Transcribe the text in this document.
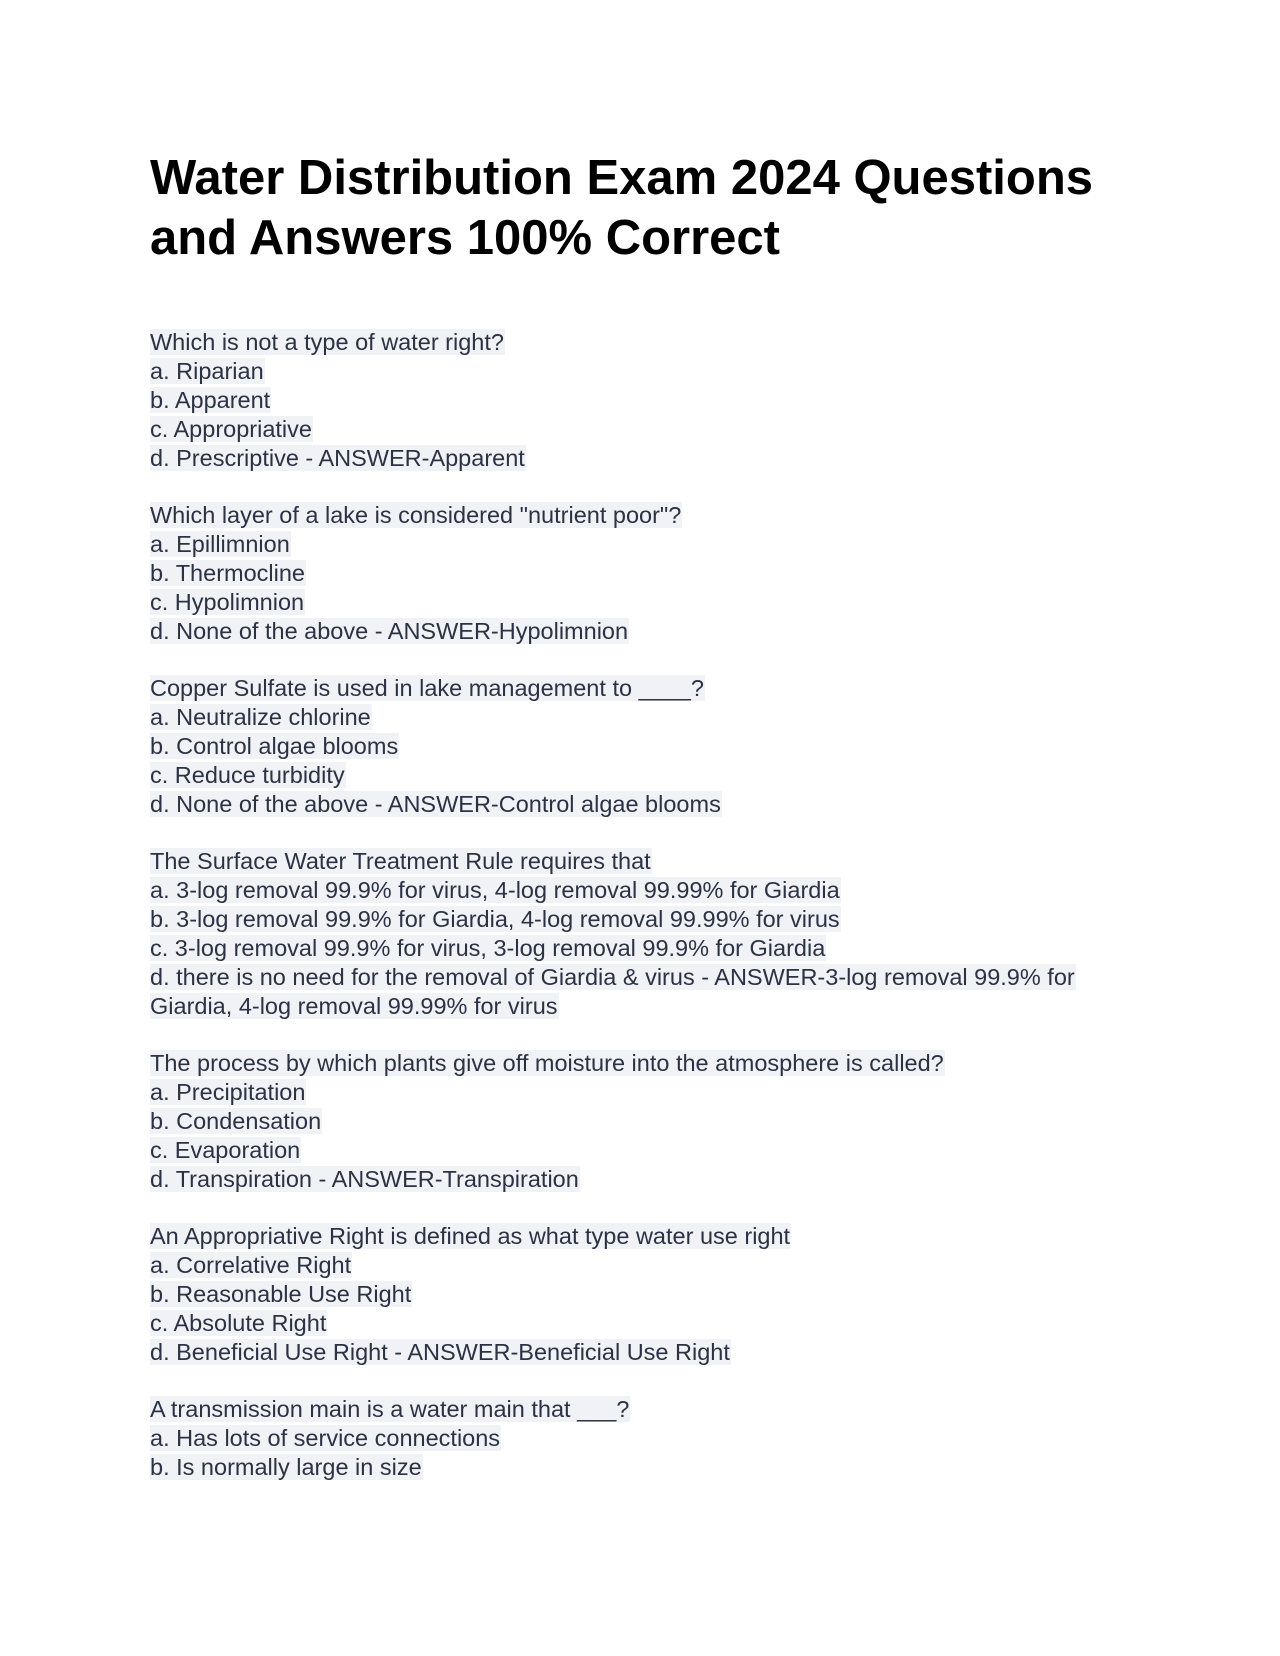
Water Distribution Exam 2024 Questions and Answers 100% Correct
Which is not a type of water right?
a. Riparian
b. Apparent
c. Appropriative
d. Prescriptive - ANSWER-Apparent
Which layer of a lake is considered "nutrient poor"?
a. Epillimnion
b. Thermocline
c. Hypolimnion
d. None of the above - ANSWER-Hypolimnion
Copper Sulfate is used in lake management to ____?
a. Neutralize chlorine
b. Control algae blooms
c. Reduce turbidity
d. None of the above - ANSWER-Control algae blooms
The Surface Water Treatment Rule requires that
a. 3-log removal 99.9% for virus, 4-log removal 99.99% for Giardia
b. 3-log removal 99.9% for Giardia, 4-log removal 99.99% for virus
c. 3-log removal 99.9% for virus, 3-log removal 99.9% for Giardia
d. there is no need for the removal of Giardia & virus - ANSWER-3-log removal 99.9% for Giardia, 4-log removal 99.99% for virus
The process by which plants give off moisture into the atmosphere is called?
a. Precipitation
b. Condensation
c. Evaporation
d. Transpiration - ANSWER-Transpiration
An Appropriative Right is defined as what type water use right
a. Correlative Right
b. Reasonable Use Right
c. Absolute Right
d. Beneficial Use Right - ANSWER-Beneficial Use Right
A transmission main is a water main that ___?
a. Has lots of service connections
b. Is normally large in size
